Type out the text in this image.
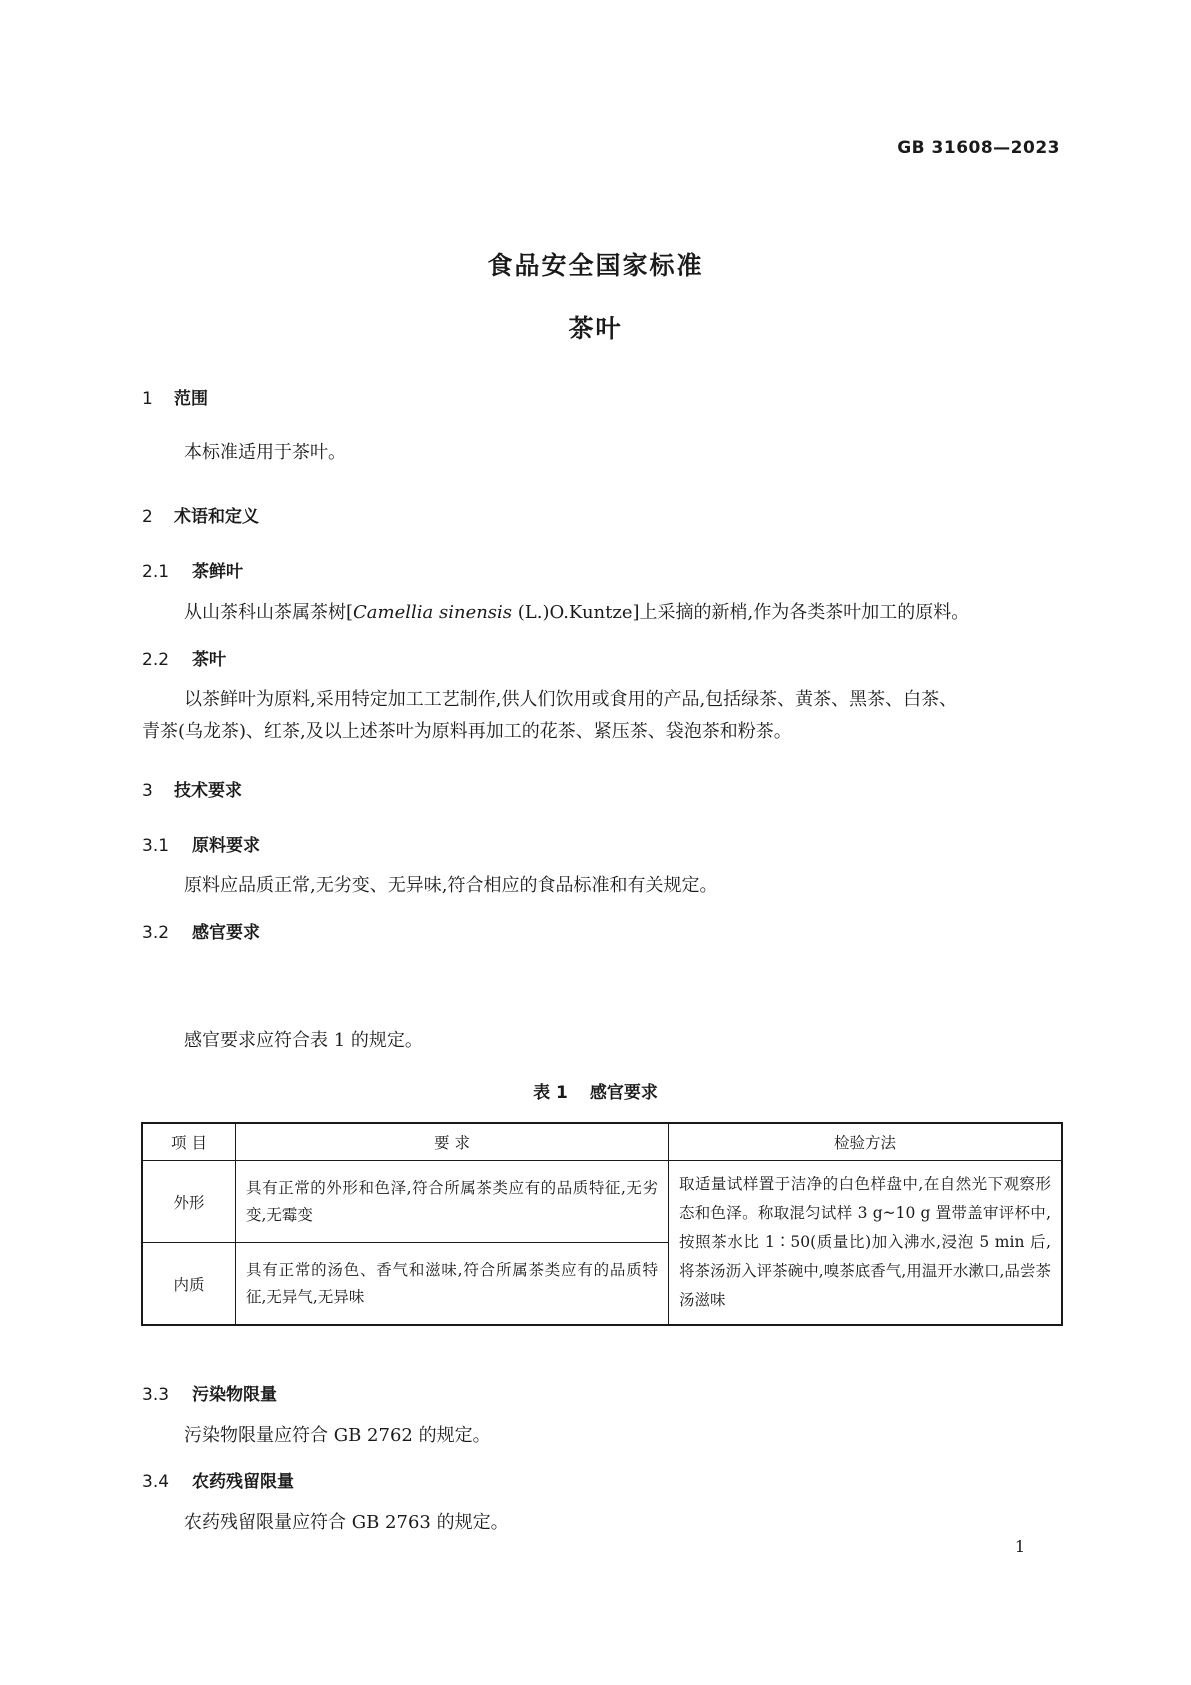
GB 31608—2023
食品安全国家标准
茶叶
1 范围
本标准适用于茶叶。
2 术语和定义
2.1 茶鲜叶
从山茶科山茶属茶树[Camellia sinensis (L.)O.Kuntze]上采摘的新梢,作为各类茶叶加工的原料。
2.2 茶叶
以茶鲜叶为原料,采用特定加工工艺制作,供人们饮用或食用的产品,包括绿茶、黄茶、黑茶、白茶、
青茶(乌龙茶)、红茶,及以上述茶叶为原料再加工的花茶、紧压茶、袋泡茶和粉茶。
3 技术要求
3.1 原料要求
原料应品质正常,无劣变、无异味,符合相应的食品标准和有关规定。
3.2 感官要求
感官要求应符合表 1 的规定。
表 1 感官要求
项 目	要 求	检验方法
外形	具有正常的外形和色泽,符合所属茶类应有的品质特征,无劣变,无霉变	取适量试样置于洁净的白色样盘中,在自然光下观察形态和色泽。称取混匀试样 3 g~10 g 置带盖审评杯中,按照茶水比 1∶50(质量比)加入沸水,浸泡 5 min 后,将茶汤沥入评茶碗中,嗅茶底香气,用温开水漱口,品尝茶汤滋味
内质	具有正常的汤色、香气和滋味,符合所属茶类应有的品质特征,无异气,无异味	
3.3 污染物限量
污染物限量应符合 GB 2762 的规定。
3.4 农药残留限量
农药残留限量应符合 GB 2763 的规定。
1
